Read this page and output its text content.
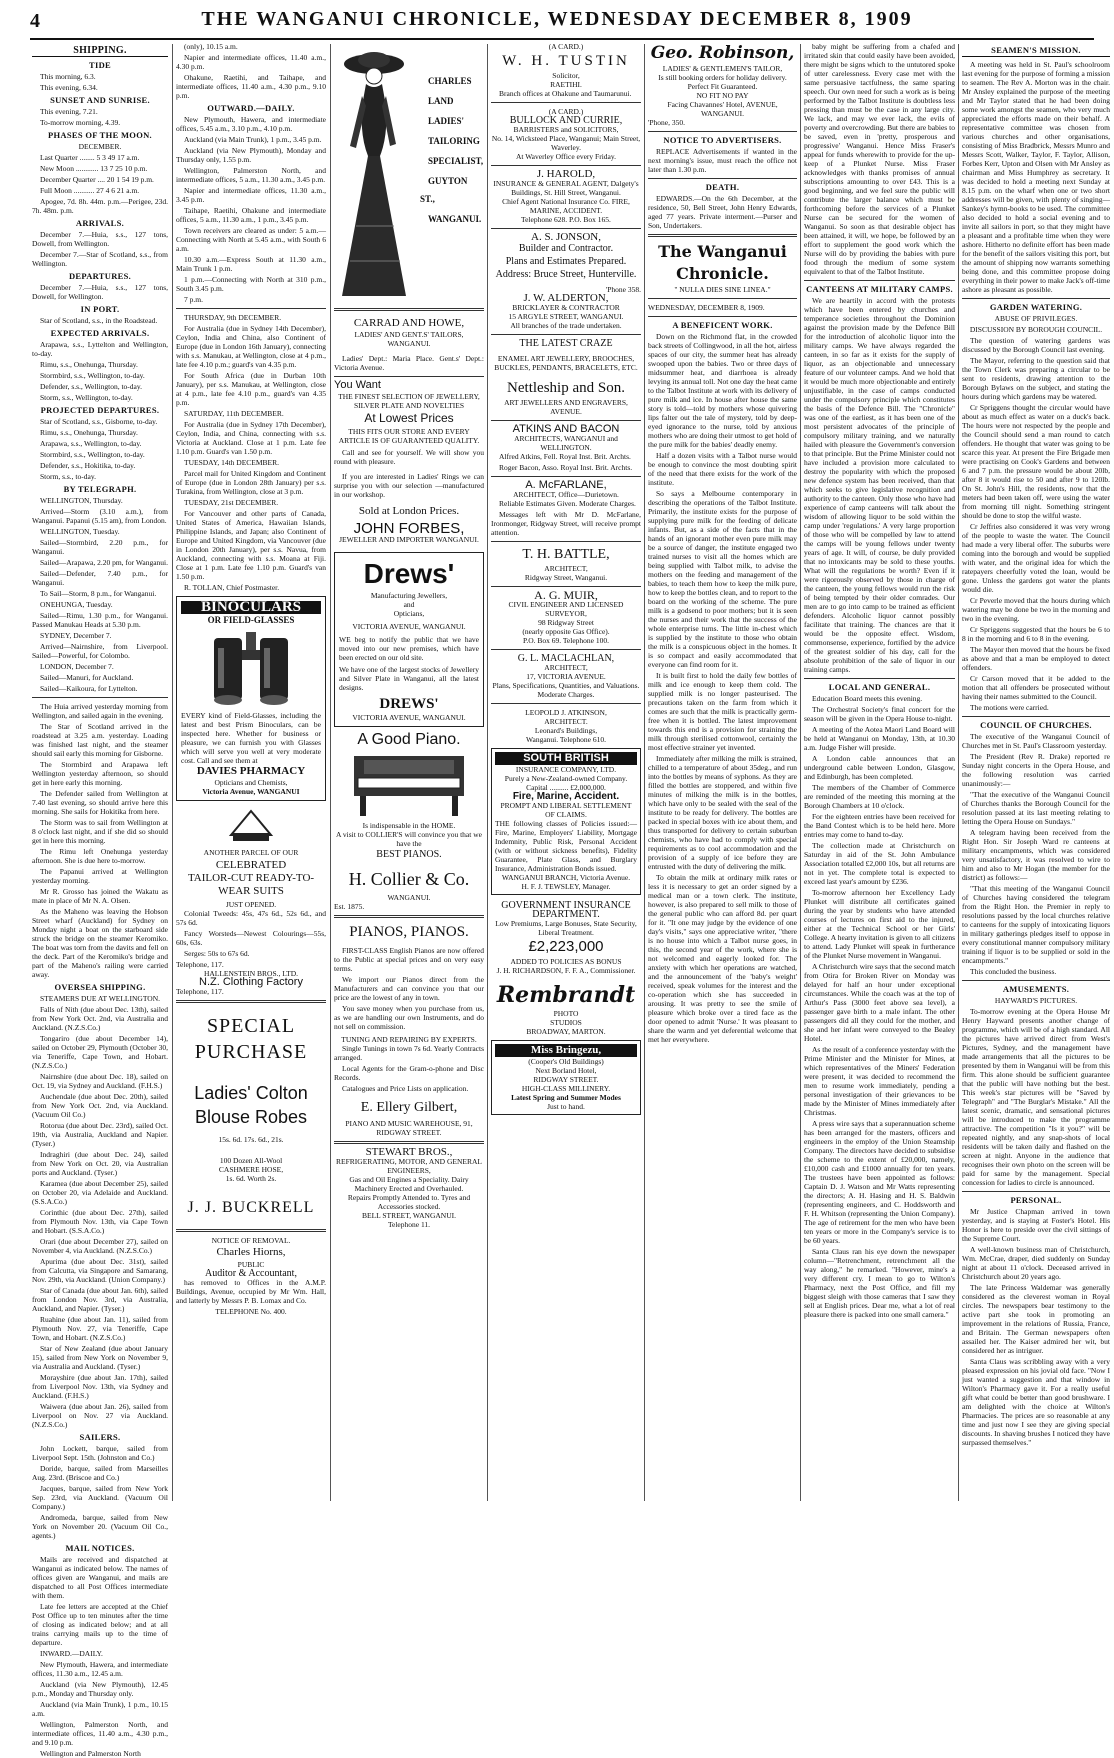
4	THE WANGANUI CHRONICLE, WEDNESDAY DECEMBER 8, 1909
SHIPPING.
TIDE
This morning, 6.3.
This evening, 6.34.
SUNSET AND SUNRISE.
This evening, 7.21.
To-morrow morning, 4.39.
PHASES OF THE MOON.
DECEMBER.
Last Quarter ........ 5 3 49 17 a.m.
New Moon ............ 13 7 25 10 p.m.
December Quarter .... 20 1 54 19 p.m.
Full Moon ........... 27 4 6 21 a.m.
Apogee, 7d. 8h. 44m. p.m.—Perigee, 23d. 7h. 48m. p.m.
ARRIVALS.
December 7.—Huia, s.s., 127 tons, Dowell, from Wellington.
December 7.—Star of Scotland, s.s., from Wellington.
DEPARTURES.
December 7.—Huia, s.s., 127 tons, Dowell, for Wellington.
IN PORT.
Star of Scotland, s.s., in the Roadstead.
EXPECTED ARRIVALS.
Arapawa, s.s., Lyttelton and Wellington, to-day.
Rimu, s.s., Onehunga, Thursday.
Stormbird, s.s., Wellington, to-day.
Defender, s.s., Wellington, to-day.
Storm, s.s., Wellington, to-day.
PROJECTED DEPARTURES.
Star of Scotland, s.s., Gisborne, to-day.
Rimu, s.s., Onehunga, Thursday.
Arapawa, s.s., Wellington, to-day.
Stormbird, s.s., Wellington, to-day.
Defender, s.s., Hokitika, to-day.
Storm, s.s., to-day.
BY TELEGRAPH.
WELLINGTON, Thursday.
Arrived—Storm (3.10 a.m.), from Wanganui. Papanui (5.15 am), from London.
WELLINGTON, Tuesday.
Sailed—Stormbird, 2.20 p.m., for Wanganui.
Sailed—Arapawa, 2.20 pm, for Wanganui.
Sailed—Defender, 7.40 p.m., for Wanganui.
To Sail—Storm, 8 p.m., for Wanganui.
ONEHUNGA, Tuesday.
Sailed—Rimu, 1.30 p.m., for Wanganui. Passed Manukau Heads at 5.30 p.m.
SYDNEY, December 7.
Arrived—Nairnshire, from Liverpool. Sailed—Powerful, for Colombo.
LONDON, December 7.
Sailed—Manuri, for Auckland.
Sailed—Kaikoura, for Lyttelton.
The Huia arrived yesterday morning from Wellington, and sailed again in the evening.
The Star of Scotland arrived in the roadstead at 3.25 a.m. yesterday. Loading was finished last night, and the steamer should sail early this morning for Gisborne.
The Stormbird and Arapawa left Wellington yesterday afternoon, so should get in here early this morning.
The Defender sailed from Wellington at 7.40 last evening, so should arrive here this morning. She sails for Hokitika from here.
The Storm was to sail from Wellington at 8 o'clock last night, and if she did so should get in here this morning.
The Rimu left Onehunga yesterday afternoon. She is due here to-morrow.
The Papanui arrived at Wellington yesterday morning.
Mr R. Grosso has joined the Wakatu as mate in place of Mr N. A. Olsen.
As the Maheno was leaving the Hobson Street wharf (Auckland) for Sydney on Monday night a boat on the starboard side struck the bridge on the steamer Keromiko. The boat was torn from the davits and fell on the deck. Part of the Keromiko's bridge and part of the Maheno's railing were carried away.
OVERSEA SHIPPING.
STEAMERS DUE AT WELLINGTON.
Falls of Nith (due about Dec. 13th), sailed from New York Oct. 2nd, via Australia and Auckland. (N.Z.S.Co.)
Tongariro (due about December 14), sailed on October 29, Plymouth (October 30, via Teneriffe, Cape Town, and Hobart. (N.Z.S.Co.)
Nairnshire (due about Dec. 18), sailed on Oct. 19, via Sydney and Auckland. (F.H.S.)
Auchendale (due about Dec. 20th), sailed from New York Oct. 2nd, via Auckland. (Vacuum Oil Co.)
Rotorua (due about Dec. 23rd), sailed Oct. 19th, via Australia, Auckland and Napier. (Tyser.)
Indraghiri (due about Dec. 24), sailed from New York on Oct. 20, via Australian ports and Auckland. (Tyser.)
Karamea (due about December 25), sailed on October 20, via Adelaide and Auckland. (S.S.A.Co.)
Corinthic (due about Dec. 27th), sailed from Plymouth Nov. 13th, via Cape Town and Hobart. (S.S.A.Co.)
Orari (due about December 27), sailed on November 4, via Auckland. (N.Z.S.Co.)
Apurima (due about Dec. 31st), sailed from Calcutta, via Singapore and Samarang, Nov. 29th, via Auckland. (Union Company.)
Star of Canada (due about Jan. 6th), sailed from London Nov. 3rd, via Australia, Auckland, and Napier. (Tyser.)
Ruahine (due about Jan. 11), sailed from Plymouth Nov. 27, via Teneriffe, Cape Town, and Hobart. (N.Z.S.Co.)
Star of New Zealand (due about January 15), sailed from New York on November 9, via Australia and Auckland. (Tyser.)
Morayshire (due about Jan. 17th), sailed from Liverpool Nov. 13th, via Sydney and Auckland. (F.H.S.)
Waiwera (due about Jan. 26), sailed from Liverpool on Nov. 27 via Auckland. (N.Z.S.Co.)
SAILERS.
John Lockett, barque, sailed from Liverpool Sept. 15th. (Johnston and Co.)
Doride, barque, sailed from Marseilles Aug. 23rd. (Briscoe and Co.)
Jacques, barque, sailed from New York Sep. 23rd, via Auckland. (Vacuum Oil Company.)
Andromeda, barque, sailed from New York on November 20. (Vacuum Oil Co., agents.)
MAIL NOTICES.
Mails are received and dispatched at Wanganui as indicated below. The names of offices given are Wanganui, and mails are dispatched to all Post Offices intermediate with them.
Late fee letters are accepted at the Chief Post Office up to ten minutes after the time of closing as indicated below; and at all trains carrying mails up to the time of departure.
INWARD.—DAILY.
New Plymouth, Hawera, and intermediate offices, 11.30 a.m., 12.45 a.m.
Auckland (via New Plymouth), 12.45 p.m., Monday and Thursday only.
Auckland (via Main Trunk), 1 p.m., 10.15 a.m.
Wellington, Palmerston North, and intermediate offices, 11.40 a.m., 4.30 p.m., and 9.10 p.m.
Wellington and Palmerston North
(only), 10.15 a.m.
Napier and intermediate offices, 11.40 a.m., 4.30 p.m.
Ohakune, Raetihi, and Taihape, and intermediate offices, 11.40 a.m., 4.30 p.m., 9.10 p.m.
OUTWARD.—DAILY.
New Plymouth, Hawera, and intermediate offices, 5.45 a.m., 3.10 p.m., 4.10 p.m.
Auckland (via Main Trunk), 1 p.m., 3.45 p.m.
Auckland (via New Plymouth), Monday and Thursday only, 1.55 p.m.
Wellington, Palmerston North, and intermediate offices, 5 a.m., 11.30 a.m., 3.45 p.m.
Napier and intermediate offices, 11.30 a.m., 3.45 p.m.
Taihape, Raetihi, Ohakune and intermediate offices, 5 a.m., 11.30 a.m., 1 p.m., 3.45 p.m.
Town receivers are cleared as under: 5 a.m.—Connecting with North at 5.45 a.m., with South 6 a.m.
10.30 a.m.—Express South at 11.30 a.m., Main Trunk 1 p.m.
1 p.m.—Connecting with North at 310 p.m., South 3.45 p.m.
7 p.m.
THURSDAY, 9th DECEMBER.
For Australia (due in Sydney 14th December), Ceylon, India and China, also Continent of Europe (due in London 16th January), connecting with s.s. Manukau, at Wellington, close at 4 p.m., late fee 4.10 p.m.; guard's van 4.35 p.m.
For South Africa (due in Durban 10th January), per s.s. Manukau, at Wellington, close at 4 p.m., late fee 4.10 p.m., guard's van 4.35 p.m.
SATURDAY, 11th DECEMBER.
For Australia (due in Sydney 17th December), Ceylon, India, and China, connecting with s.s. Victoria at Auckland. Close at 1 p.m. Late fee 1.10 p.m. Guard's van 1.50 p.m.
TUESDAY, 14th DECEMBER.
Parcel mail for United Kingdom and Continent of Europe (due in London 28th January) per s.s. Turakina, from Wellington, close at 3 p.m.
TUESDAY, 21st DECEMBER.
For Vancouver and other parts of Canada, United States of America, Hawaiian Islands, Philippine Islands, and Japan; also Continent of Europe and United Kingdom, via Vancouver (due in London 20th January), per s.s. Navua, from Auckland, connecting with s.s. Moana at Fiji. Close at 1 p.m. Late fee 1.10 p.m. Guard's van 1.50 p.m.
R. TOLLAN, Chief Postmaster.
BINOCULARS
OR FIELD-GLASSES
EVERY kind of Field-Glasses, including the latest and best Prism Binoculars, can be inspected here. Whether for business or pleasure, we can furnish you with Glasses which will serve you well at very moderate cost. Call and see them at
DAVIES PHARMACY
Opticians and Chemists,
Victoria Avenue, WANGANUI
ANOTHER PARCEL OF OUR
CELEBRATED
TAILOR-CUT READY-TO-
WEAR SUITS
JUST OPENED.
Colonial Tweeds: 45s, 47s 6d., 52s 6d., and 57s 6d.
Fancy Worsteds—Newest Colourings—55s, 60s, 63s.
Serges: 50s to 67s 6d.
Telephone, 117.
HALLENSTEIN BROS., LTD.
N.Z. Clothing Factory
Telephone, 117.
SPECIAL
PURCHASE
Ladies' Colton
Blouse Robes
15s. 6d. 17s. 6d., 21s.
100 Dozen All-Wool
CASHMERE HOSE,
1s. 6d. Worth 2s.
J. J. BUCKRELL
NOTICE OF REMOVAL.
Charles Hiorns,
PUBLIC
Auditor & Accountant,
has removed to Offices in the A.M.P. Buildings, Avenue, occupied by Mr Wm. Hall, and latterly by Messrs P. B. Lomax and Co.
TELEPHONE No. 400.
CHARLES
LAND
LADIES'
TAILORING
SPECIALIST,
GUYTON ST.,
WANGANUI.
CARRAD AND HOWE,
LADIES' AND GENT.S' TAILORS, WANGANUI.
Ladies' Dept.: Maria Place. Gent.s' Dept.: Victoria Avenue.
You Want
THE FINEST SELECTION OF JEWELLERY, SILVER PLATE AND NOVELTIES
At Lowest Prices
THIS FITS OUR STORE AND EVERY ARTICLE IS OF GUARANTEED QUALITY.
Call and see for yourself. We will show you round with pleasure.
If you are interested in Ladies' Rings we can surprise you with our selection —manufactured in our workshop.
Sold at London Prices.
JOHN FORBES,
JEWELLER AND IMPORTER WANGANUI.
Drews'
Manufacturing Jewellers,
and
Opticians,
VICTORIA AVENUE, WANGANUI.
WE beg to notify the public that we have moved into our new premises, which have been erected on our old site.
We have one of the largest stocks of Jewellery and Silver Plate in Wanganui, all the latest designs.
DREWS'
VICTORIA AVENUE, WANGANUI.
A Good Piano.
Is indispensable in the HOME.
A visit to COLLIER'S will convince you that we have the
BEST PIANOS.
H. Collier & Co.
WANGANUI.
Est. 1875.
PIANOS, PIANOS.
FIRST-CLASS English Pianos are now offered to the Public at special prices and on very easy terms.
We import our Pianos direct from the Manufacturers and can convince you that our price are the lowest of any in town.
You save money when you purchase from us, as we are handling our own Instruments, and do not sell on commission.
TUNING AND REPAIRING BY EXPERTS.
Single Tunings in town 7s 6d. Yearly Contracts arranged.
Local Agents for the Gram-o-phone and Disc Records.
Catalogues and Price Lists on application.
E. Ellery Gilbert,
PIANO AND MUSIC WAREHOUSE, 91, RIDGWAY STREET.
STEWART BROS.,
REFRIGERATING, MOTOR, AND GENERAL ENGINEERS,
Gas and Oil Engines a Speciality. Dairy Machinery Erected and Overhauled.
Repairs Promptly Attended to. Tyres and Accessories stocked.
BELL STREET, WANGANUI.
Telephone 11.
(A CARD.)
W. H. TUSTIN
Solicitor,
RAETIHI.
Branch offices at Ohakune and Taumarunui.
(A CARD.)
BULLOCK AND CURRIE,
BARRISTERS and SOLICITORS,
No. 14, Wicksteed Place, Wanganui; Main Street, Waverley.
At Waverley Office every Friday.
J. HAROLD,
INSURANCE & GENERAL AGENT, Dalgety's Buildings, St. Hill Street, Wanganui.
Chief Agent National Insurance Co. FIRE, MARINE, ACCIDENT.
Telephone 628. P.O. Box 165.
A. S. JONSON,
Builder and Contractor.
Plans and Estimates Prepared.
Address: Bruce Street, Hunterville.
'Phone 358.
J. W. ALDERTON,
BRICKLAYER & CONTRACTOR
15 ARGYLE STREET, WANGANUI.
All branches of the trade undertaken.
THE LATEST CRAZE
ENAMEL ART JEWELLERY, BROOCHES, BUCKLES, PENDANTS, BRACELETS, ETC.
Nettleship and Son.
ART JEWELLERS AND ENGRAVERS,
AVENUE.
ATKINS AND BACON
ARCHITECTS, WANGANUI and WELLINGTON.
Alfred Atkins, Fell. Royal Inst. Brit. Archts.
Roger Bacon, Asso. Royal Inst. Brit. Archts.
A. McFARLANE,
ARCHITECT, Office—Durietown.
Reliable Estimates Given. Moderate Charges.
Messages left with Mr D. McFarlane, Ironmonger, Ridgway Street, will receive prompt attention.
T. H. BATTLE,
ARCHITECT,
Ridgway Street, Wanganui.
A. G. MUIR,
CIVIL ENGINEER AND LICENSED SURVEYOR,
98 Ridgway Street
(nearly opposite Gas Office).
P.O. Box 69. Telephone 100.
G. L. MACLACHLAN,
ARCHITECT,
17, VICTORIA AVENUE.
Plans, Specifications, Quantities, and Valuations.
Moderate Charges.
LEOPOLD J. ATKINSON,
ARCHITECT.
Leonard's Buildings,
Wanganui. Telephone 610.
SOUTH BRITISH
INSURANCE COMPANY, LTD.
Purely a New-Zealand-owned Company.
Capital .......... £2,000,000.
Fire, Marine, Accident.
PROMPT AND LIBERAL SETTLEMENT OF CLAIMS.
THE following classes of Policies issued:—Fire, Marine, Employers' Liability, Mortgage Indemnity, Public Risk, Personal Accident (with or without sickness benefits), Fidelity Guarantee, Plate Glass, and Burglary Insurance, Administration Bonds issued.
WANGANUI BRANCH, Victoria Avenue.
H. F. J. TEWSLEY, Manager.
GOVERNMENT INSURANCE
DEPARTMENT.
Low Premiums, Large Bonuses, State Security, Liberal Treatment.
£2,223,000
ADDED TO POLICIES AS BONUS
J. H. RICHARDSON, F. F. A., Commissioner.
Rembrandt
PHOTO
STUDIOS
BROADWAY, MARTON.
Miss Bringezu,
(Cooper's Old Buildings)
Next Borland Hotel,
RIDGWAY STREET.
HIGH-CLASS MILLINERY.
Latest Spring and Summer Modes
Just to hand.
Geo. Robinson,
LADIES' & GENTLEMEN'S TAILOR,
Is still booking orders for holiday delivery.
Perfect Fit Guaranteed.
NO FIT NO PAY
Facing Chavannes' Hotel, AVENUE, WANGANUI.
'Phone, 350.
NOTICE TO ADVERTISERS.
REPLACE Advertisements if wanted in the next morning's issue, must reach the office not later than 1.30 p.m.
DEATH.
EDWARDS.—On the 6th December, at the residence, 50, Bell Street, John Henry Edwards, aged 77 years. Private interment.—Purser and Son, Undertakers.
The Wanganui Chronicle.
" NULLA DIES SINE LINEA."
WEDNESDAY, DECEMBER 8, 1909.
A BENEFICENT WORK.
Down on the Richmond flat, in the crowded back streets of Collingwood, in all the hot, airless spaces of our city, the summer heat has already swooped upon the babies. Two or three days of midsummer heat, and diarrhoea is already levying its annual toll. Not one day the heat came to the Talbot Institute at work with its delivery of pure milk and ice. In house after house the same story is told—told by mothers whose quivering lips falter out the tale of mystery, told by deep-eyed ignorance to the nurse, told by anxious mothers who are doing their utmost to get hold of the pure milk for the babies' deadly enemy.
Half a dozen visits with a Talbot nurse would be enough to convince the most doubting spirit of the need that there exists for the work of the institute.
So says a Melbourne contemporary in describing the operations of the Talbot Institute. Primarily, the institute exists for the purpose of supplying pure milk for the feeding of delicate infants. But, as a side of the facts that in the hands of an ignorant mother even pure milk may be a source of danger, the institute engaged two trained nurses to visit all the homes which are being supplied with Talbot milk, to advise the mothers on the feeding and management of the babies, to teach them how to keep the milk pure, how to keep the bottles clean, and to report to the board on the working of the scheme. The pure milk is a godsend to poor mothers; but it is seen the nurses and their work that the success of the whole enterprise turns. The little in-chest which is supplied by the institute to those who obtain the milk is a conspicuous object in the homes. It is so compact and easily accommodated that everyone can find room for it.
It is built first to hold the daily few bottles of milk and ice enough to keep them cold. The supplied milk is no longer pasteurised. The precautions taken on the farm from which it comes are such that the milk is practically germ-free when it is bottled. The latest improvement towards this end is a provision for straining the milk through sterilised cottonwool, certainly the most effective strainer yet invented.
Immediately after milking the milk is strained, chilled to a temperature of about 35deg., and run into the bottles by means of syphons. As they are filled the bottles are stoppered, and within five minutes of milking the milk is in the bottles, which have only to be sealed with the seal of the institute to be ready for delivery. The bottles are packed in special boxes with ice about them, and thus transported for delivery to certain suburban chemists, who have had to comply with special requirements as to cool accommodation and the provision of a supply of ice before they are entrusted with the duty of delivering the milk.
To obtain the milk at ordinary milk rates or less it is necessary to get an order signed by a medical man or a town clerk. The institute, however, is also prepared to sell milk to those of the general public who can afford 8d. per quart for it. "It one may judge by the evidence of one day's visits," says one appreciative writer, "there is no house into which a Talbot nurse goes, in this, the second year of the work, where she is not welcomed and eagerly looked for. The anxiety with which her operations are watched, and the announcement of the 'baby's weight' received, speak volumes for the interest and the co-operation which she has succeeded in arousing. It was pretty to see the smile of pleasure which broke over a tired face as the door opened to admit 'Nurse.' It was pleasant to share the warm and yet deferential welcome that met her everywhere.
baby might be suffering from a chafed and irritated skin that could easily have been avoided, there might be signs which to the untutored spoke of utter carelessness. Every case met with the same persuasive tactfulness, the same sparing speech. Our own need for such a work as is being performed by the Talbot Institute is doubtless less pressing than must be the case in any large city. We lack, and may we ever lack, the evils of poverty and overcrowding. But there are babies to be saved, even in 'pretty, prosperous and progressive' Wanganui. Hence Miss Fraser's appeal for funds wherewith to provide for the up-keep of a Plunket Nurse. Miss Fraser acknowledges with thanks promises of annual subscriptions amounting to over £43. This is a good beginning, and we feel sure the public will contribute the larger balance which must be forthcoming before the services of a Plunket Nurse can be secured for the women of Wanganui. So soon as that desirable object has been attained, it will, we hope, be followed by an effort to supplement the good work which the Nurse will do by providing the babies with pure food through the medium of some system equivalent to that of the Talbot Institute.
CANTEENS AT MILITARY CAMPS.
We are heartily in accord with the protests which have been entered by churches and temperance societies throughout the Dominion against the provision made by the Defence Bill for the introduction of alcoholic liquor into the military camps. We have always regarded the canteen, in so far as it exists for the supply of liquor, as an objectionable and unnecessary feature of our volunteer camps. And we hold that it would be much more objectionable and entirely unjustifiable, in the case of camps conducted under the compulsory principle which constitutes the basis of the Defence Bill. The "Chronicle" was one of the earliest, as it has been one of the most persistent advocates of the principle of compulsory military training, and we naturally hailed with pleasure the Government's conversion to that principle. But the Prime Minister could not have included a provision more calculated to destroy the popularity with which the proposed new defence system has been received, than that which seeks to give legislative recognition and authority to the canteen. Only those who have had experience of camp canteens will talk about the wisdom of allowing liquor to be sold within the camp under 'regulations.' A very large proportion of those who will be compelled by law to attend the camps will be young fellows under twenty years of age. It will, of course, be duly provided that no intoxicants may be sold to these youths. What will the regulations be worth? Even if it were rigorously observed by those in charge of the canteen, the young fellows would run the risk of being tempted by their older comrades. Our men are to go into camp to be trained as efficient defenders. Alcoholic liquor cannot possibly facilitate that training. The chances are that it would be the opposite effect. Wisdom, commonsense, experience, fortified by the advice of the greatest soldier of his day, call for the absolute prohibition of the sale of liquor in our training camps.
LOCAL AND GENERAL.
Education Board meets this evening.
The Orchestral Society's final concert for the season will be given in the Opera House to-night.
A meeting of the Aotea Maori Land Board will be held at Wanganui on Monday, 13th, at 10.30 a.m. Judge Fisher will preside.
A London cable announces that an underground cable between London, Glasgow, and Edinburgh, has been completed.
The members of the Chamber of Commerce are reminded of the meeting this morning at the Borough Chambers at 10 o'clock.
For the eighteen entries have been received for the Band Contest which is to be held here. More entries may come to hand to-day.
The collection made at Christchurch on Saturday in aid of the St. John Ambulance Association totalled £2,000 10s, but all returns are not in yet. The complete total is expected to exceed last year's amount by £236.
To-morrow afternoon her Excellency Lady Plunket will distribute all certificates gained during the year by students who have attended courses of lectures on first aid to the injured, either at the Technical School or her Girls' College. A hearty invitation is given to all citizens to attend. Lady Plunket will speak in furtherance of the Plunket Nurse movement in Wanganui.
A Christchurch wire says that the second match from Otira for Broken River on Monday was delayed for half an hour under exceptional circumstances. While the coach was at the top of Arthur's Pass (3000 feet above sea level), a passenger gave birth to a male infant. The other passengers did all they could for the mother, and she and her infant were conveyed to the Bealey Hotel.
As the result of a conference yesterday with the Prime Minister and the Minister for Mines, at which representatives of the Miners' Federation were present, it was decided to recommend the men to resume work immediately, pending a personal investigation of their grievances to be made by the Minister of Mines immediately after Christmas.
A press wire says that a superannuation scheme has been arranged for the masters, officers and engineers in the employ of the Union Steamship Company. The directors have decided to subsidise the scheme to the extent of £20,000, namely, £10,000 cash and £1000 annually for ten years. The trustees have been appointed as follows: Captain D. J. Watson and Mr Watts representing the directors; A. H. Hasing and H. S. Baldwin (representing engineers, and C. Hoddsworth and F. H. Whitson (representing the Union Company). The age of retirement for the men who have been ten years or more in the Company's service is to be 60 years.
Santa Claus ran his eye down the newspaper column—"Retrenchment, retrenchment all the way along," he remarked. "However, mine's a very different cry. I mean to go to Wilton's Pharmacy, next the Post Office, and fill my biggest sleigh with those cameras that I saw they sell at English prices. Dear me, what a lot of real pleasure there is packed into one small camera."
SEAMEN'S MISSION.
A meeting was held in St. Paul's schoolroom last evening for the purpose of forming a mission to seamen. The Rev A. Morton was in the chair. Mr Ansley explained the purpose of the meeting and Mr Taylor stated that he had been doing some work amongst the seamen, who very much appreciated the efforts made on their behalf. A representative committee was chosen from various churches and other organisations, consisting of Miss Bradbrick, Messrs Munro and Messrs Scott, Walker, Taylor, F. Taylor, Allison, Forbes Kerr, Upton and Olsen with Mr Ansley as chairman and Miss Humphrey as secretary. It was decided to hold a meeting next Sunday at 8.15 p.m. on the wharf when one or two short addresses will be given, with plenty of singing—Sankey's hymn-books to be used. The committee also decided to hold a social evening and to invite all sailors in port, so that they might have a pleasant and a profitable time when they were ashore. Hitherto no definite effort has been made for the benefit of the sailors visiting this port, but the amount of shipping now warrants something being done, and this committee propose doing everything in their power to make Jack's off-time ashore as pleasant as possible.
GARDEN WATERING.
ABUSE OF PRIVILEGES.
DISCUSSION BY BOROUGH COUNCIL.
The question of watering gardens was discussed by the Borough Council last evening.
The Mayor, referring to the question said that the Town Clerk was preparing a circular to be sent to residents, drawing attention to the Borough Bylaws on the subject, and stating the hours during which gardens may be watered.
Cr Spriggens thought the circular would have about as much effect as water on a duck's back. The hours were not respected by the people and the Council should send a man round to catch offenders. He thought that water was going to be scarce this year. At present the Fire Brigade men were practising on Cook's Gardens and between 6 and 7 p.m. the pressure would be about 20lb, after 8 it would rise to 50 and after 9 to 120lb. On St. John's Hill, the residents, now that the meters had been taken off, were using the water from morning till night. Something stringent should be done to stop the wilful waste.
Cr Jeffries also considered it was very wrong of the people to waste the water. The Council had made a very liberal offer. The suburbs were coming into the borough and would be supplied with water, and the original idea for which the ratepayers cheerfully voted the loan, would be gone. Unless the gardens got water the plants would die.
Cr Peverle moved that the hours during which watering may be done be two in the morning and two in the evening.
Cr Spriggens suggested that the hours be 6 to 8 in the morning and 6 to 8 in the evening.
The Mayor then moved that the hours be fixed as above and that a man be employed to detect offenders.
Cr Carson moved that it be added to the motion that all offenders be prosecuted without having their names submitted to the Council.
The motions were carried.
COUNCIL OF CHURCHES.
The executive of the Wanganui Council of Churches met in St. Paul's Classroom yesterday.
The President (Rev R. Drake) reported re Sunday night concerts in the Opera House, and the following resolution was carried unanimously:—
"That the executive of the Wanganui Council of Churches thanks the Borough Council for the resolution passed at its last meeting relating to letting the Opera House on Sundays."
A telegram having been received from the Right Hon. Sir Joseph Ward re canteens at military encampments, which was considered very unsatisfactory, it was resolved to wire to him and also to Mr Hogan (the member for the district) as follows:—
"That this meeting of the Wanganui Council of Churches having considered the telegram from the Right Hon. the Premier in reply to resolutions passed by the local churches relative to canteens for the supply of intoxicating liquors in military gatherings pledges itself to oppose in every constitutional manner compulsory military training if liquor is to be supplied or sold in the encampments."
This concluded the business.
AMUSEMENTS.
HAYWARD'S PICTURES.
To-morrow evening at the Opera House Mr Henry Hayward presents another change of programme, which will be of a high standard. All the pictures have arrived direct from West's Pictures, Sydney, and the management have made arrangements that all the pictures to be presented by them in Wanganui will be from this firm. This alone should be sufficient guarantee that the public will have nothing but the best. This week's star pictures will be "Saved by Telegraph" and "The Burglar's Mistake." All the latest scenic, dramatic, and sensational pictures will be introduced to make the programme attractive. The competition "Is it you?" will be repeated nightly, and any snap-shots of local residents will be taken daily and flashed on the screen at night. Anyone in the audience that recognises their own photo on the screen will be paid for same by the management. Special concession for ladies to circle is announced.
PERSONAL.
Mr Justice Chapman arrived in town yesterday, and is staying at Foster's Hotel. His Honor is here to preside over the civil sittings of the Supreme Court.
A well-known business man of Christchurch, Wm. McCrae, draper, died suddenly on Sunday night at about 11 o'clock. Deceased arrived in Christchurch about 20 years ago.
The late Princess Waldemar was generally considered as the cleverest woman in Royal circles. The newspapers bear testimony to the active part she took in promoting an improvement in the relations of Russia, France, and Britain. The German newspapers often assailed her. The Kaiser admired her wit, but considered her as intriguer.
Santa Claus was scribbling away with a very pleased expression on his jovial old face. "Now I just wanted a suggestion and that window in Wilton's Pharmacy gave it. For a really useful gift what could be better than good brushware. I am delighted with the choice at Wilton's Pharmacies. The prices are so reasonable at any time and just now I see they are giving special discounts. In shaving brushes I noticed they have surpassed themselves."
